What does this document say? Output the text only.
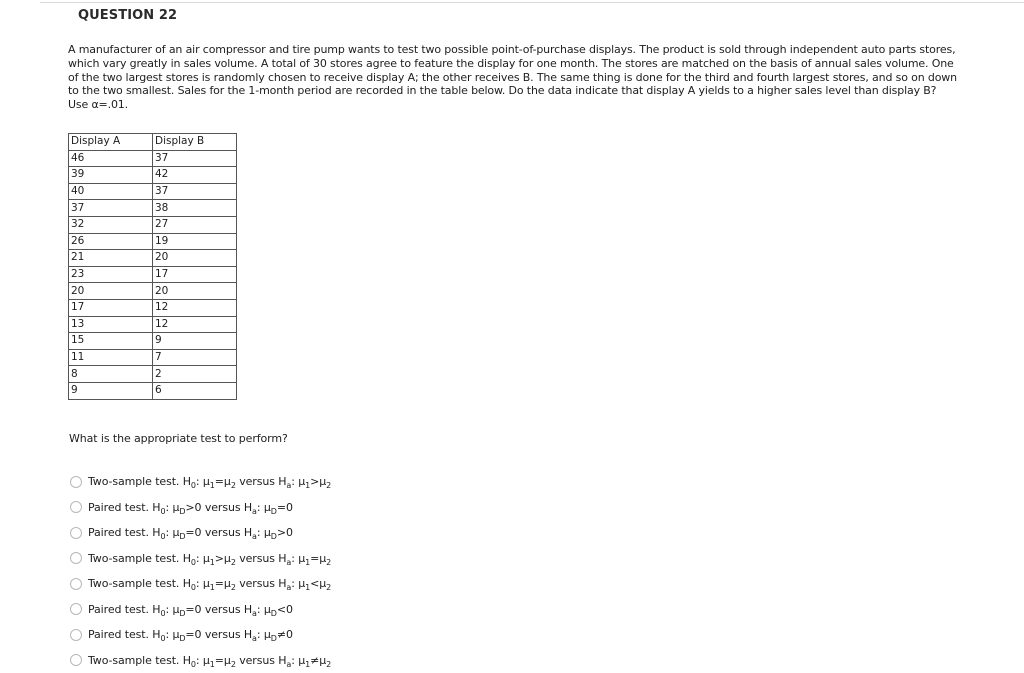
QUESTION 22

A manufacturer of an air compressor and tire pump wants to test two possible point-of-purchase displays. The product is sold through independent auto parts stores,

which vary greatly in sales volume. A total of 30 stores agree to feature the display for one month. The stores are matched on the basis of annual sales volume. One

of the two largest stores is randomly chosen to receive display A; the other receives B. The same thing is done for the third and fourth largest stores, and so on down

to the two smallest. Sales for the 1-month period are recorded in the table below. Do the data indicate that display A yields to a higher sales level than display B?

Use α=.01.

Display A	Display B
46	37
39	42
40	37
37	38
32	27
26	19
21	20
23	17
20	20
17	12
13	12
15	9
11	7
8	2
9	6
What is the appropriate test to perform?
Two-sample test. $H_0$: $\mu_1=\mu_2$ versus $H_a$: $\mu_1>\mu_2$
Paired test. $H_0$: $\mu_D>0$ versus $H_a$: $\mu_D=0$
Paired test. $H_0$: $\mu_D=0$ versus $H_a$: $\mu_D>0$
Two-sample test. $H_0$: $\mu_1>\mu_2$ versus $H_a$: $\mu_1=\mu_2$
Two-sample test. $H_0$: $\mu_1=\mu_2$ versus $H_a$: $\mu_1<\mu_2$
Paired test. $H_0$: $\mu_D=0$ versus $H_a$: $\mu_D<0$
Paired test. $H_0$: $\mu_D=0$ versus $H_a$: $\mu_D\ne 0$
Two-sample test. $H_0$: $\mu_1=\mu_2$ versus $H_a$: $\mu_1\ne\mu_2$
